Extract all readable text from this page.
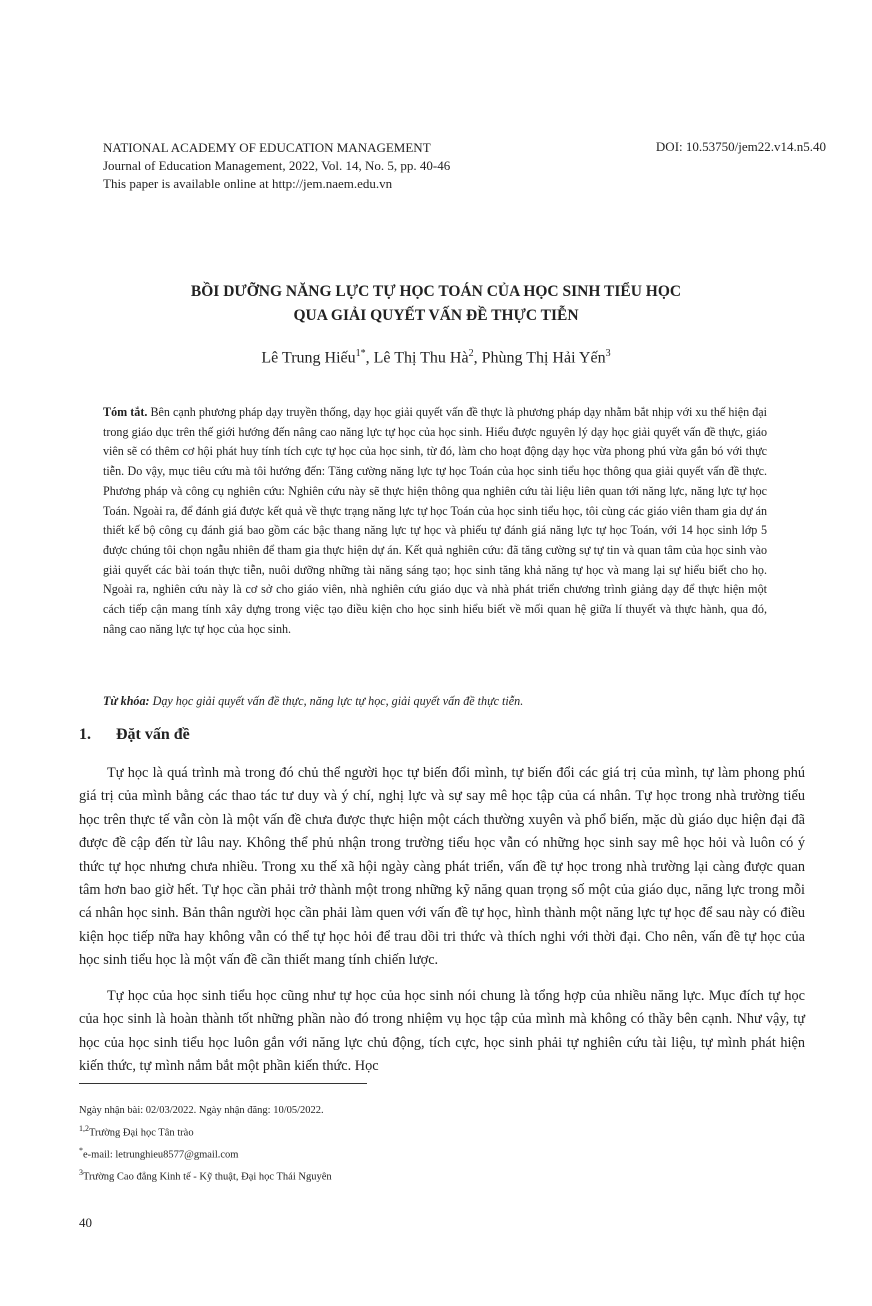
NATIONAL ACADEMY OF EDUCATION MANAGEMENT
Journal of Education Management, 2022, Vol. 14, No. 5, pp. 40-46
This paper is available online at http://jem.naem.edu.vn
DOI: 10.53750/jem22.v14.n5.40
BỒI DƯỠNG NĂNG LỰC TỰ HỌC TOÁN CỦA HỌC SINH TIỂU HỌC
QUA GIẢI QUYẾT VẤN ĐỀ THỰC TIỄN
Lê Trung Hiếu$^{1*}$, Lê Thị Thu $Hà^2$, Phùng Thị Hải Yến$^3$
Tóm tắt. Bên cạnh phương pháp dạy truyền thống, dạy học giải quyết vấn đề thực là phương pháp dạy nhằm bắt nhịp với xu thế hiện đại trong giáo dục trên thế giới hướng đến nâng cao năng lực tự học của học sinh. Hiểu được nguyên lý dạy học giải quyết vấn đề thực, giáo viên sẽ có thêm cơ hội phát huy tính tích cực tự học của học sinh, từ đó, làm cho hoạt động dạy học vừa phong phú vừa gắn bó với thực tiễn. Do vậy, mục tiêu cứu mà tôi hướng đến: Tăng cường năng lực tự học Toán của học sinh tiểu học thông qua giải quyết vấn đề thực. Phương pháp và công cụ nghiên cứu: Nghiên cứu này sẽ thực hiện thông qua nghiên cứu tài liệu liên quan tới năng lực, năng lực tự học Toán. Ngoài ra, để đánh giá được kết quả về thực trạng năng lực tự học Toán của học sinh tiểu học, tôi cùng các giáo viên tham gia dự án thiết kế bộ công cụ đánh giá bao gồm các bậc thang năng lực tự học và phiếu tự đánh giá năng lực tự học Toán, với 14 học sinh lớp 5 được chúng tôi chọn ngẫu nhiên để tham gia thực hiện dự án. Kết quả nghiên cứu: đã tăng cường sự tự tin và quan tâm của học sinh vào giải quyết các bài toán thực tiễn, nuôi dưỡng những tài năng sáng tạo; học sinh tăng khả năng tự học và mang lại sự hiểu biết cho họ. Ngoài ra, nghiên cứu này là cơ sở cho giáo viên, nhà nghiên cứu giáo dục và nhà phát triển chương trình giảng dạy để thực hiện một cách tiếp cận mang tính xây dựng trong việc tạo điều kiện cho học sinh hiểu biết về mối quan hệ giữa lí thuyết và thực hành, qua đó, nâng cao năng lực tự học của học sinh.
Từ khóa: Dạy học giải quyết vấn đề thực, năng lực tự học, giải quyết vấn đề thực tiễn.
1. Đặt vấn đề
Tự học là quá trình mà trong đó chủ thể người học tự biến đổi mình, tự biến đổi các giá trị của mình, tự làm phong phú giá trị của mình bằng các thao tác tư duy và ý chí, nghị lực và sự say mê học tập của cá nhân. Tự học trong nhà trường tiểu học trên thực tế vẫn còn là một vấn đề chưa được thực hiện một cách thường xuyên và phổ biến, mặc dù giáo dục hiện đại đã được đề cập đến từ lâu nay. Không thể phủ nhận trong trường tiểu học vẫn có những học sinh say mê học hỏi và luôn có ý thức tự học nhưng chưa nhiều. Trong xu thế xã hội ngày càng phát triển, vấn đề tự học trong nhà trường lại càng được quan tâm hơn bao giờ hết. Tự học cần phải trở thành một trong những kỹ năng quan trọng số một của giáo dục, năng lực trong mỗi cá nhân học sinh. Bản thân người học cần phải làm quen với vấn đề tự học, hình thành một năng lực tự học để sau này có điều kiện học tiếp nữa hay không vẫn có thể tự học hỏi để trau dồi tri thức và thích nghi với thời đại. Cho nên, vấn đề tự học của học sinh tiểu học là một vấn đề cần thiết mang tính chiến lược.
Tự học của học sinh tiểu học cũng như tự học của học sinh nói chung là tổng hợp của nhiều năng lực. Mục đích tự học của học sinh là hoàn thành tốt những phần nào đó trong nhiệm vụ học tập của mình mà không có thầy bên cạnh. Như vậy, tự học của học sinh tiểu học luôn gắn với năng lực chủ động, tích cực, học sinh phải tự nghiên cứu tài liệu, tự mình phát hiện kiến thức, tự mình nắm bắt một phần kiến thức. Học
Ngày nhận bài: 02/03/2022. Ngày nhận đăng: 10/05/2022.
$^{1,2}$Trường Đại học Tân trào
*e-mail: letrunghieu8577@gmail.com
$^3$Trường Cao đẳng Kinh tế - Kỹ thuật, Đại học Thái Nguyên
40
